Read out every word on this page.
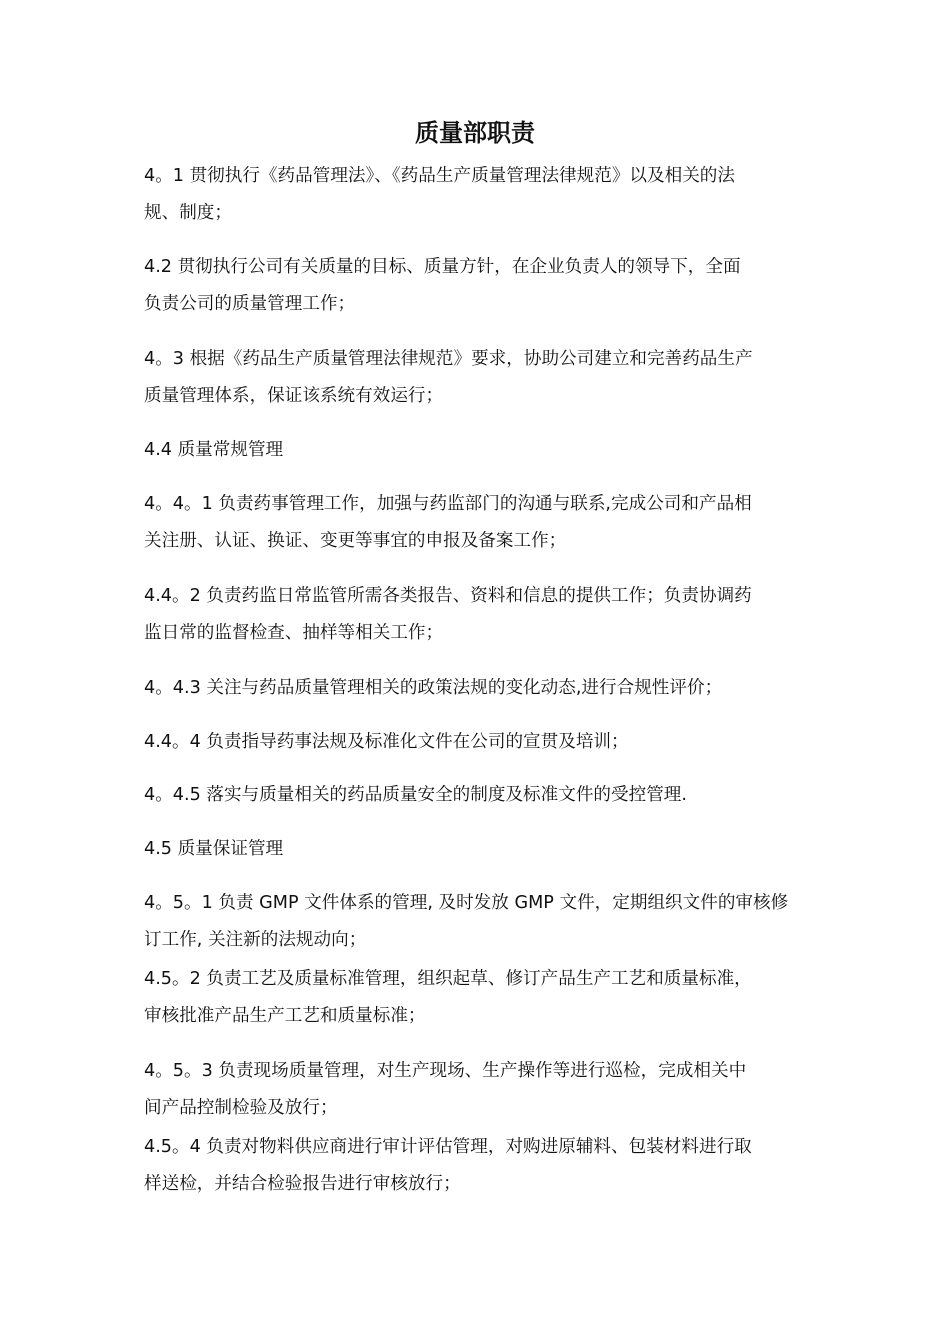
质量部职责

4。1 贯彻执行《药品管理法》、《药品生产质量管理法律规范》以及相关的法
规、制度；

4.2 贯彻执行公司有关质量的目标、质量方针，在企业负责人的领导下，全面
负责公司的质量管理工作；

4。3 根据《药品生产质量管理法律规范》要求，协助公司建立和完善药品生产
质量管理体系，保证该系统有效运行；

4.4 质量常规管理

4。4。1 负责药事管理工作，加强与药监部门的沟通与联系,完成公司和产品相
关注册、认证、换证、变更等事宜的申报及备案工作；

4.4。2 负责药监日常监管所需各类报告、资料和信息的提供工作；负责协调药
监日常的监督检查、抽样等相关工作；

4。4.3 关注与药品质量管理相关的政策法规的变化动态,进行合规性评价；

4.4。4 负责指导药事法规及标准化文件在公司的宣贯及培训；

4。4.5 落实与质量相关的药品质量安全的制度及标准文件的受控管理.

4.5 质量保证管理

4。5。1 负责 GMP 文件体系的管理, 及时发放 GMP 文件，定期组织文件的审核修
订工作, 关注新的法规动向；

4.5。2 负责工艺及质量标准管理，组织起草、修订产品生产工艺和质量标准，
审核批准产品生产工艺和质量标准；

4。5。3 负责现场质量管理，对生产现场、生产操作等进行巡检，完成相关中
间产品控制检验及放行；

4.5。4 负责对物料供应商进行审计评估管理，对购进原辅料、包装材料进行取
样送检，并结合检验报告进行审核放行；
